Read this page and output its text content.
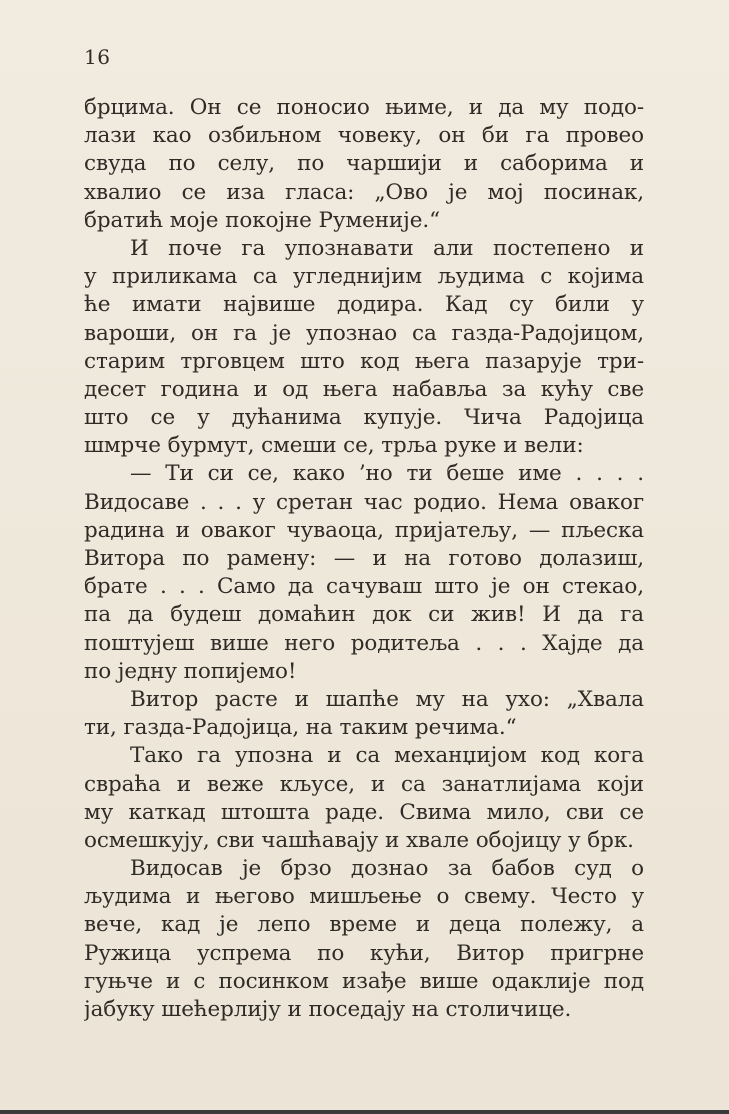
16
брцима. Он се поносио њиме, и да му подо-
лази као озбиљном човеку, он би га провео
свуда по селу, по чаршији и саборима и
хвалио се иза гласа: „Ово је мој посинак,
братић моје покојне Руменије.“
И поче га упознавати али постепено и
у приликама са угледнијим људима с којима
ће имати највише додира. Кад су били у
вароши, он га је упознао са газда-Радојицом,
старим трговцем што код њега пазарује три-
десет година и од њега набавља за кућу све
што се у дућанима купује. Чича Радојица
шмрче бурмут, смеши се, трља руке и вели:
— Ти си се, како ’но ти беше име . . . .
Видосаве . . . у сретан час родио. Нема оваког
радина и оваког чуваоца, пријатељу, — пљеска
Витора по рамену: — и на готово долазиш,
брате . . . Само да сачуваш што је он стекао,
па да будеш домаћин док си жив! И да га
поштујеш више него родитеља . . . Хајде да
по једну попијемо!
Витор расте и шапће му на ухо: „Хвала
ти, газда-Радојица, на таким речима.“
Тако га упозна и са механџијом код кога
свраћа и веже кљусе, и са занатлијама који
му каткад штошта раде. Свима мило, сви се
осмешкују, сви чашћавају и хвале обојицу у брк.
Видосав је брзо дознао за бабов суд о
људима и његово мишљење о свему. Често у
вече, кад је лепо време и деца полежу, а
Ружица успрема по кући, Витор пригрне
гуњче и с посинком изађе више одаклије под
јабуку шећерлију и поседају на столичице.
